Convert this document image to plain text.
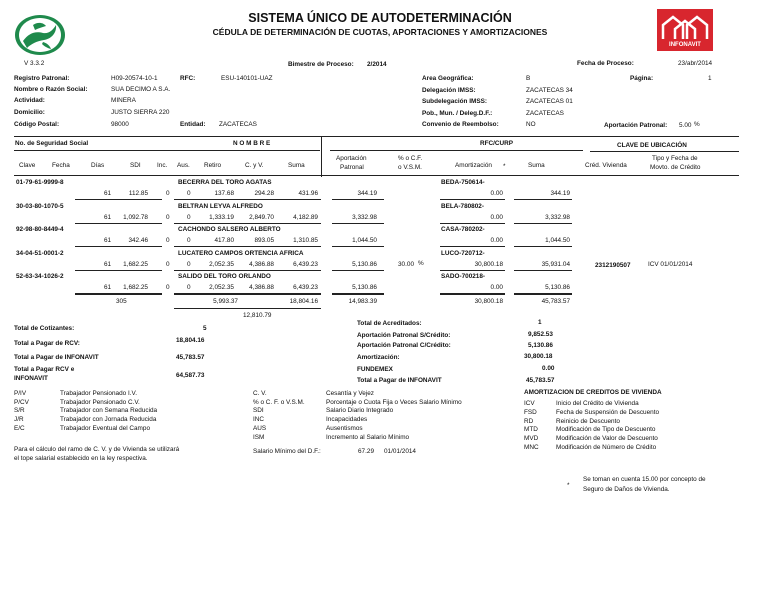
V 3.3.2
INFONAVIT
SISTEMA ÚNICO DE AUTODETERMINACIÓN
CÉDULA DE DETERMINACIÓN DE CUOTAS, APORTACIONES Y AMORTIZACIONES
Bimestre de Proceso: 2/2014	Fecha de Proceso:	23/abr/2014
Registro Patronal:	H09-20574-10-1	RFC:	ESU-140101-UAZ
Nombre o Razón Social:	SUA DECIMO A S.A.
Actividad:	MINERA
Domicilio:	JUSTO SIERRA 220
Código Postal:	98000	Entidad: ZACATECAS
Area Geográfica:	B	Página:	1
Delegación IMSS:	ZACATECAS 34
Subdelegación IMSS:	ZACATECAS 01
Pob., Mun. / Deleg.D.F.:	ZACATECAS
Convenio de Reembolso:	NO	Aportación Patronal: 5.00 %
No. de Seguridad Social	N O M B R E	RFC/CURP	CLAVE DE UBICACIÓN
Clave	Fecha	Días	SDI	Inc. Aus. Retiro	C. y V.	Suma
Aportación
Patronal
% o C.F.
o V.S.M.	Amortización *	Suma	Créd. Vivienda
Tipo y Fecha de
Movto. de Crédito
01-79-61-9999-8	BECERRA DEL TORO AGATAS	BEDA-750614-
61	112.85	0	0	137.68	294.28	431.96	344.19	0.00	344.19
30-03-80-1070-5	BELTRAN LEYVA ALFREDO	BELA-780802-
61	1,092.78	0	0	1,333.19	2,849.70	4,182.89	3,332.98	0.00	3,332.98
92-98-80-8449-4	CACHONDO SALSERO ALBERTO	CASA-780202-
61	342.46	0	0	417.80	893.05	1,310.85	1,044.50	0.00	1,044.50
34-04-51-0001-2	LUCATERO CAMPOS ORTENCIA AFRICA	LUCO-720712-
61	1,682.25	0	0	2,052.35	4,386.88	6,439.23	5,130.86	30.00 %	30,800.18	35,931.04	2312190507	ICV 01/01/2014
52-63-34-1026-2	SALIDO DEL TORO ORLANDO	SADO-700218-
61	1,682.25	0	0	2,052.35	4,386.88	6,439.23	5,130.86	0.00	5,130.86
305	5,993.37	18,804.16	14,983.39	30,800.18	45,783.57
12,810.79
Total de Cotizantes:	5
Total a Pagar de RCV:	18,804.16
Total a Pagar de INFONAVIT	45,783.57
Total a Pagar RCV e
INFONAVIT	64,587.73
Total de Acreditados:	1
Aportación Patronal S/Crédito:	9,852.53
Aportación Patronal C/Crédito:	5,130.86
Amortización:	30,800.18
FUNDEMEX	0.00
Total a Pagar de INFONAVIT	45,783.57
P/IV	Trabajador Pensionado I.V.
P/CV	Trabajador Pensionado C.V.
S/R	Trabajador con Semana Reducida
J/R	Trabajador con Jornada Reducida
E/C	Trabajador Eventual del Campo
C. V.	Cesantía y Vejez
% o C. F. o V.S.M.	Porcentaje o Cuota Fija o Veces Salario Mínimo
SDI	Salario Diario Integrado
INC	Incapacidades
AUS	Ausentismos
ISM	Incremento al Salario Mínimo
AMORTIZACION DE CREDITOS DE VIVIENDA
ICV	Inicio del Crédito de Vivienda
FSD	Fecha de Suspensión de Descuento
RD	Reinicio de Descuento
MTD	Modificación de Tipo de Descuento
MVD	Modificación de Valor de Descuento
MNC	Modificación de Número de Crédito
Para el cálculo del ramo de C. V. y de Vivienda se utilizará
el tope salarial establecido en la ley respectiva.
Salario Mínimo del D.F.:	67.29 01/01/2014
*
Se toman en cuenta 15.00 por concepto de
Seguro de Daños de Vivienda.
